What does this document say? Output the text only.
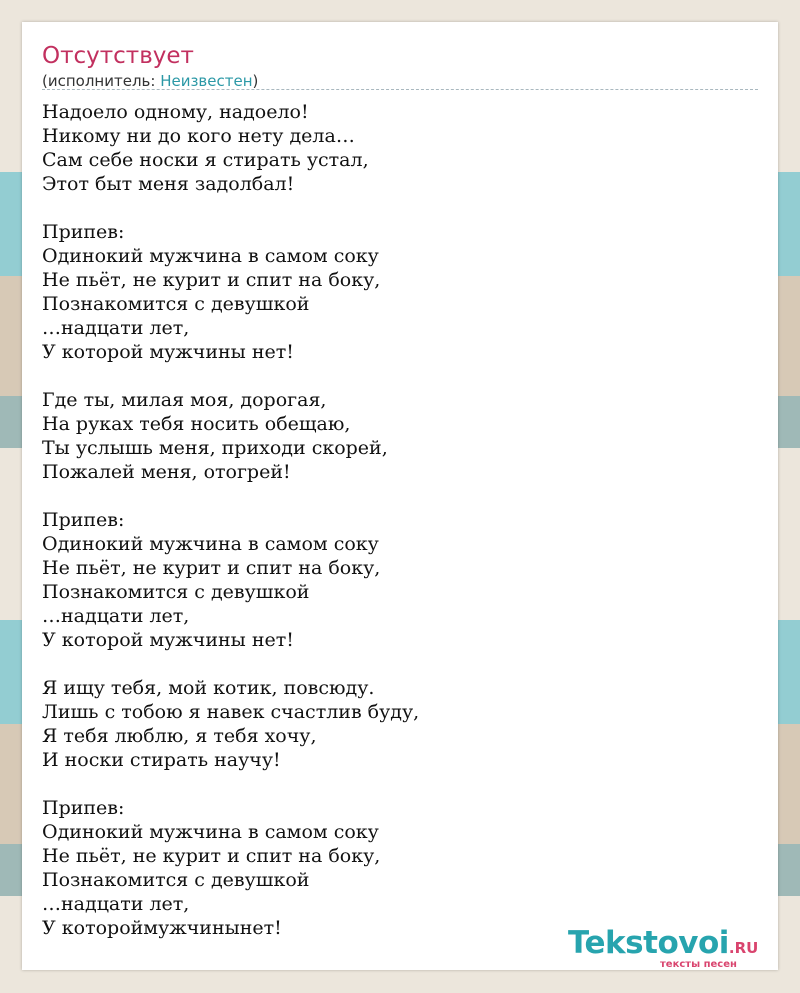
Отсутствует
(исполнитель: Неизвестен)
Надоело одному, надоело!
Никому ни до кого нету дела…
Сам себе носки я стирать устал,
Этот быт меня задолбал!
Припев:
Одинокий мужчина в самом соку
Не пьёт, не курит и спит на боку,
Познакомится с девушкой
…надцати лет,
У которой мужчины нет!
Где ты, милая моя, дорогая,
На руках тебя носить обещаю,
Ты услышь меня, приходи скорей,
Пожалей меня, отогрей!
Припев:
Одинокий мужчина в самом соку
Не пьёт, не курит и спит на боку,
Познакомится с девушкой
…надцати лет,
У которой мужчины нет!
Я ищу тебя, мой котик, повсюду.
Лишь с тобою я навек счастлив буду,
Я тебя люблю, я тебя хочу,
И носки стирать научу!
Припев:
Одинокий мужчина в самом соку
Не пьёт, не курит и спит на боку,
Познакомится с девушкой
…надцати лет,
У котороймужчинынет!	Tekstovoi.RU
тексты песен
